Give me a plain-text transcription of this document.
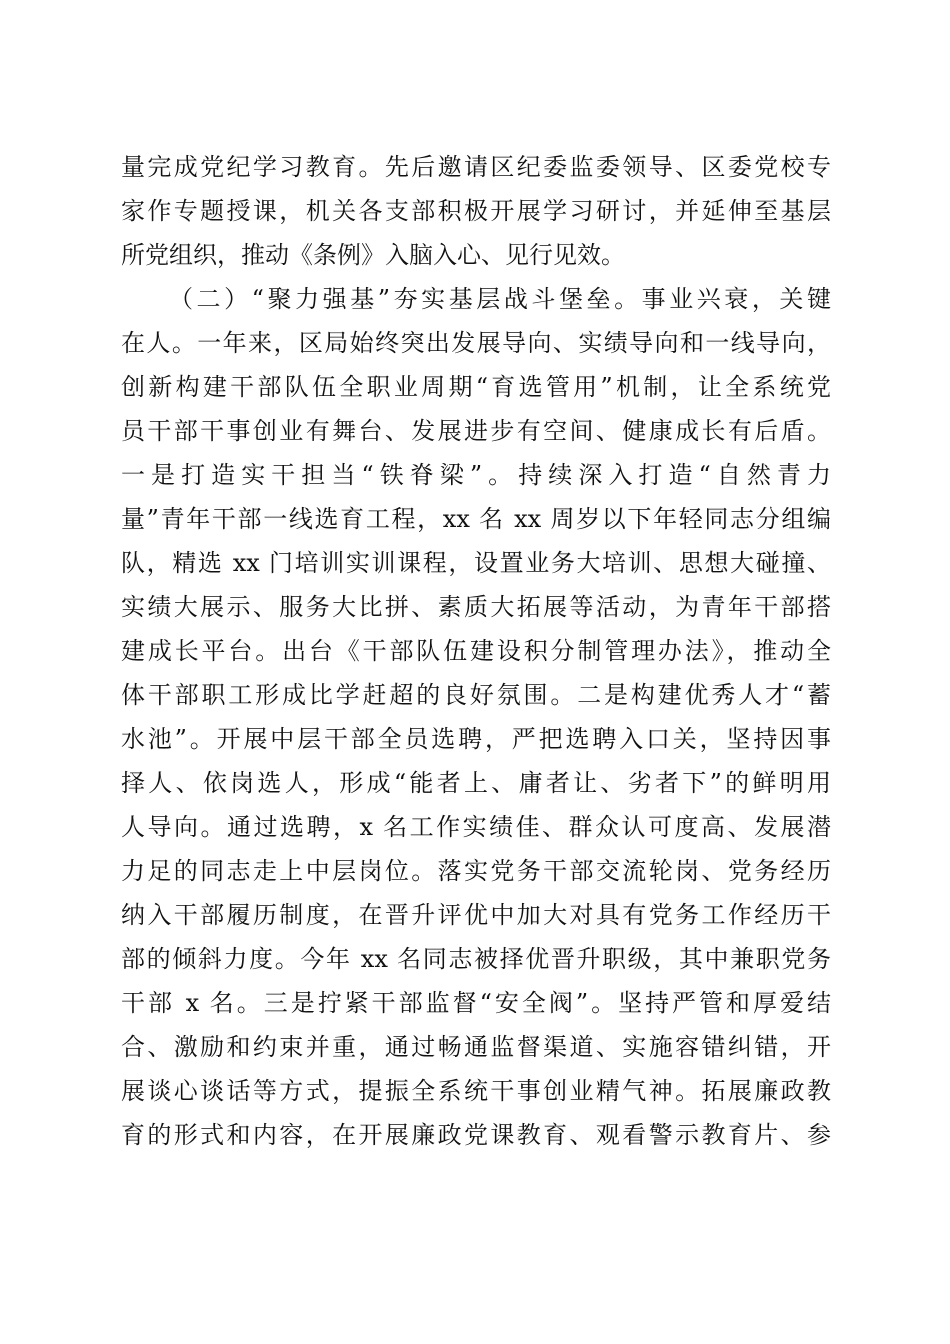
量完成党纪学习教育。先后邀请区纪委监委领导、区委党校专
家作专题授课，机关各支部积极开展学习研讨，并延伸至基层
所党组织，推动《条例》入脑入心、见行见效。
（二）“聚力强基”夯实基层战斗堡垒。事业兴衰，关键
在人。一年来，区局始终突出发展导向、实绩导向和一线导向，
创新构建干部队伍全职业周期“育选管用”机制，让全系统党
员干部干事创业有舞台、发展进步有空间、健康成长有后盾。
一是打造实干担当“铁脊梁”。持续深入打造“自然青力
量”青年干部一线选育工程，xx 名 xx 周岁以下年轻同志分组编
队，精选 xx 门培训实训课程，设置业务大培训、思想大碰撞、
实绩大展示、服务大比拼、素质大拓展等活动，为青年干部搭
建成长平台。出台《干部队伍建设积分制管理办法》，推动全
体干部职工形成比学赶超的良好氛围。二是构建优秀人才“蓄
水池”。开展中层干部全员选聘，严把选聘入口关，坚持因事
择人、依岗选人，形成“能者上、庸者让、劣者下”的鲜明用
人导向。通过选聘，x 名工作实绩佳、群众认可度高、发展潜
力足的同志走上中层岗位。落实党务干部交流轮岗、党务经历
纳入干部履历制度，在晋升评优中加大对具有党务工作经历干
部的倾斜力度。今年 xx 名同志被择优晋升职级，其中兼职党务
干部 x 名。三是拧紧干部监督“安全阀”。坚持严管和厚爱结
合、激励和约束并重，通过畅通监督渠道、实施容错纠错，开
展谈心谈话等方式，提振全系统干事创业精气神。拓展廉政教
育的形式和内容，在开展廉政党课教育、观看警示教育片、参
